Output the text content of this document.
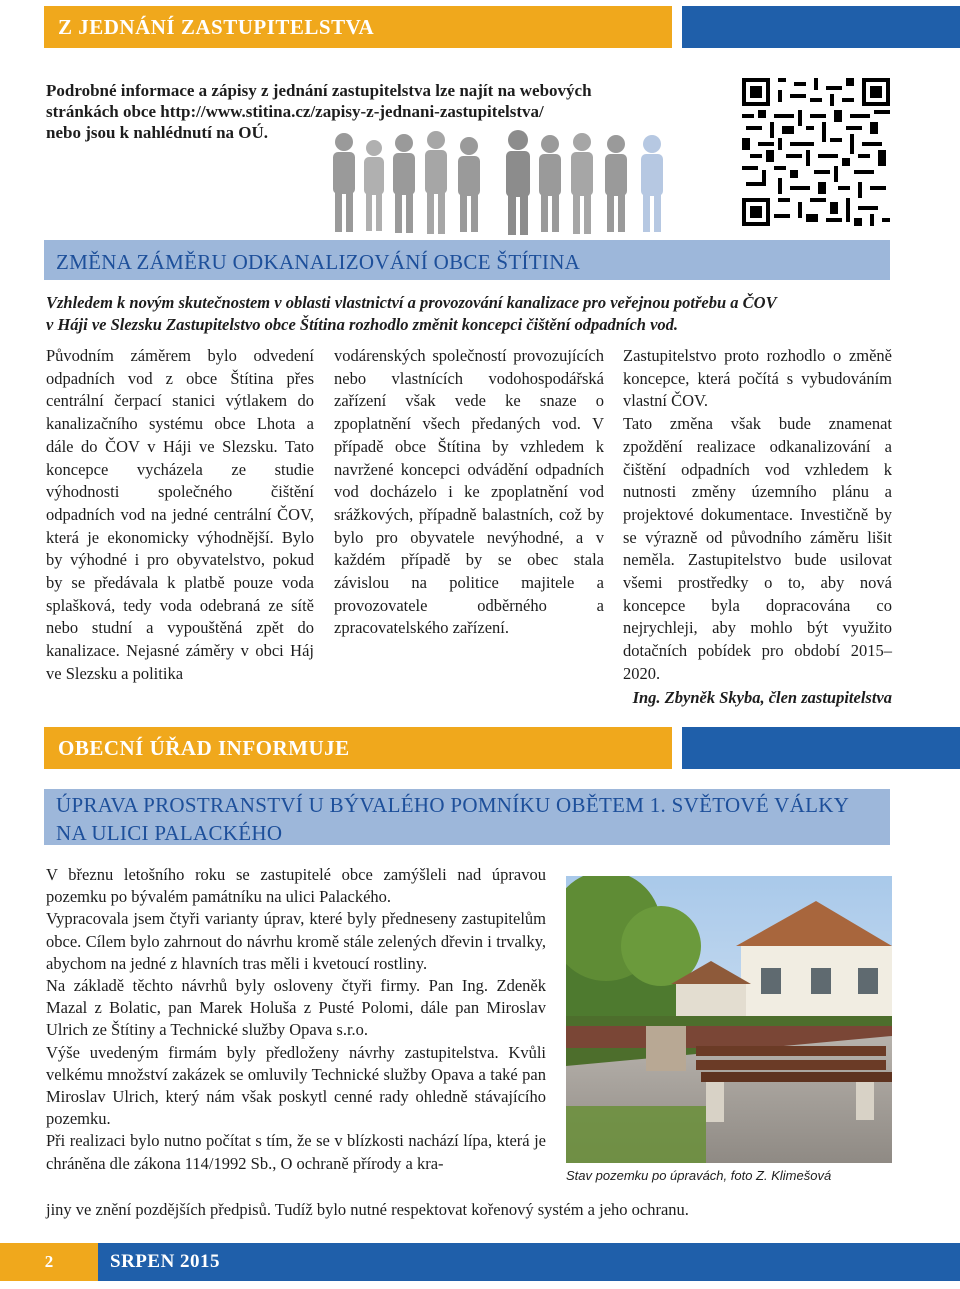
Z JEDNÁNÍ ZASTUPITELSTVA
Podrobné informace a zápisy z jednání zastupitelstva lze najít na webových
stránkách obce http://www.stitina.cz/zapisy-z-jednani-zastupitelstva/
nebo jsou k nahlédnutí na OÚ.
ZMĚNA ZÁMĚRU ODKANALIZOVÁNÍ OBCE ŠTÍTINA
Vzhledem k novým skutečnostem v oblasti vlastnictví a provozování kanalizace pro veřejnou potřebu a ČOV
v Háji ve Slezsku Zastupitelstvo obce Štítina rozhodlo změnit koncepci čištění odpadních vod.

Původním záměrem bylo odvedení odpadních vod z obce Štítina přes centrální čerpací stanici výtlakem do kanalizačního systému obce Lhota a dále do ČOV v Háji ve Slezsku. Tato koncepce vycházela ze studie výhodnosti společného čištění odpadních vod na jedné centrální ČOV, která je ekonomicky výhodnější. Bylo by výhodné i pro obyvatelstvo, pokud by se předávala k platbě pouze voda splašková, tedy voda odebraná ze sítě nebo studní a vypouštěná zpět do kanalizace. Nejasné záměry v obci Háj ve Slezsku a politika

vodárenských společností provozujících nebo vlastnících vodohospodářská zařízení však vede ke snaze o zpoplatnění všech předaných vod. V případě obce Štítina by vzhledem k navržené koncepci odvádění odpadních vod docházelo i ke zpoplatnění vod srážkových, případně balastních, což by bylo pro obyvatele nevýhodné, a v každém případě by se obec stala závislou na politice majitele a provozovatele odběrného a zpracovatelského zařízení.

Zastupitelstvo proto rozhodlo o změně koncepce, která počítá s vybudováním vlastní ČOV.

Tato změna však bude znamenat zpoždění realizace odkanalizování a čištění odpadních vod vzhledem k nutnosti změny územního plánu a projektové dokumentace. Investičně by se výrazně od původního záměru lišit neměla. Zastupitelstvo bude usilovat všemi prostředky o to, aby nová koncepce byla dopracována co nejrychleji, aby mohlo být využito dotačních pobídek pro období 2015–2020.

Ing. Zbyněk Skyba, člen zastupitelstva
OBECNÍ ÚŘAD INFORMUJE
ÚPRAVA PROSTRANSTVÍ U BÝVALÉHO POMNÍKU OBĚTEM 1. SVĚTOVÉ VÁLKY
NA ULICI PALACKÉHO

V březnu letošního roku se zastupitelé obce zamýšleli nad úpravou pozemku po bývalém památníku na ulici Palackého.

Vypracovala jsem čtyři varianty úprav, které byly předneseny zastupitelům obce. Cílem bylo zahrnout do návrhu kromě stále zelených dřevin i trvalky, abychom na jedné z hlavních tras měli i kvetoucí rostliny.

Na základě těchto návrhů byly osloveny čtyři firmy. Pan Ing. Zdeněk Mazal z Bolatic, pan Marek Holuša z Pusté Polomi, dále pan Miroslav Ulrich ze Štítiny a Technické služby Opava s.r.o.

Výše uvedeným firmám byly předloženy návrhy zastupitelstva. Kvůli velkému množství zakázek se omluvily Technické služby Opava a také pan Miroslav Ulrich, který nám však poskytl cenné rady ohledně stávajícího pozemku.

Při realizaci bylo nutno počítat s tím, že se v blízkosti nachází lípa, která je chráněna dle zákona 114/1992 Sb., O ochraně přírody a kra-

jiny ve znění pozdějších předpisů. Tudíž bylo nutné respektovat kořenový systém a jeho ochranu.
Stav pozemku po úpravách, foto Z. Klimešová
2	SRPEN 2015
